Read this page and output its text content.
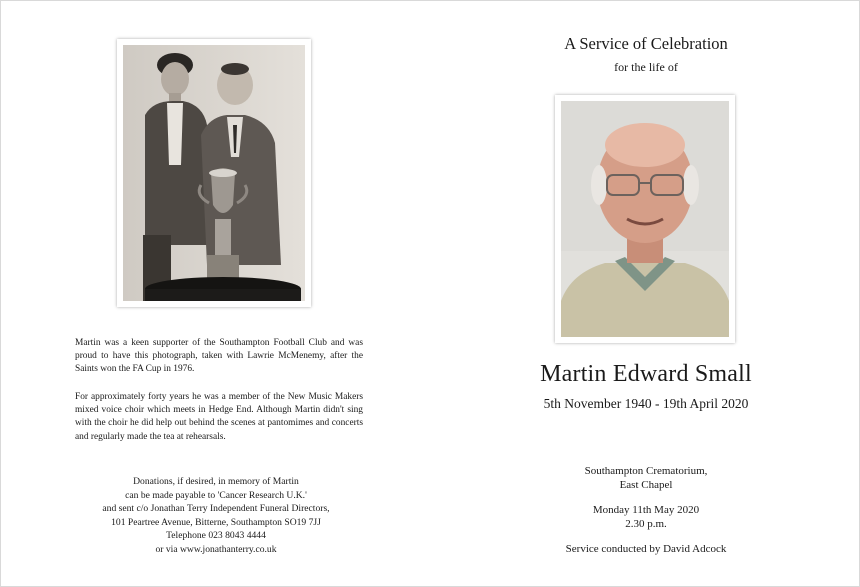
Martin was a keen supporter of the Southampton Football Club and was proud to have this photograph, taken with Lawrie McMenemy, after the Saints won the FA Cup in 1976.

For approximately forty years he was a member of the New Music Makers mixed voice choir which meets in Hedge End. Although Martin didn't sing with the choir he did help out behind the scenes at pantomimes and concerts and regularly made the tea at rehearsals.

Donations, if desired, in memory of Martin
can be made payable to 'Cancer Research U.K.'
and sent c/o Jonathan Terry Independent Funeral Directors,
101 Peartree Avenue, Bitterne, Southampton SO19 7JJ
Telephone 023 8043 4444
or via www.jonathanterry.co.uk
A Service of Celebration
for the life of
Martin Edward Small
5th November 1940 - 19th April 2020
Southampton Crematorium,
East Chapel
Monday 11th May 2020
2.30 p.m.
Service conducted by David Adcock
